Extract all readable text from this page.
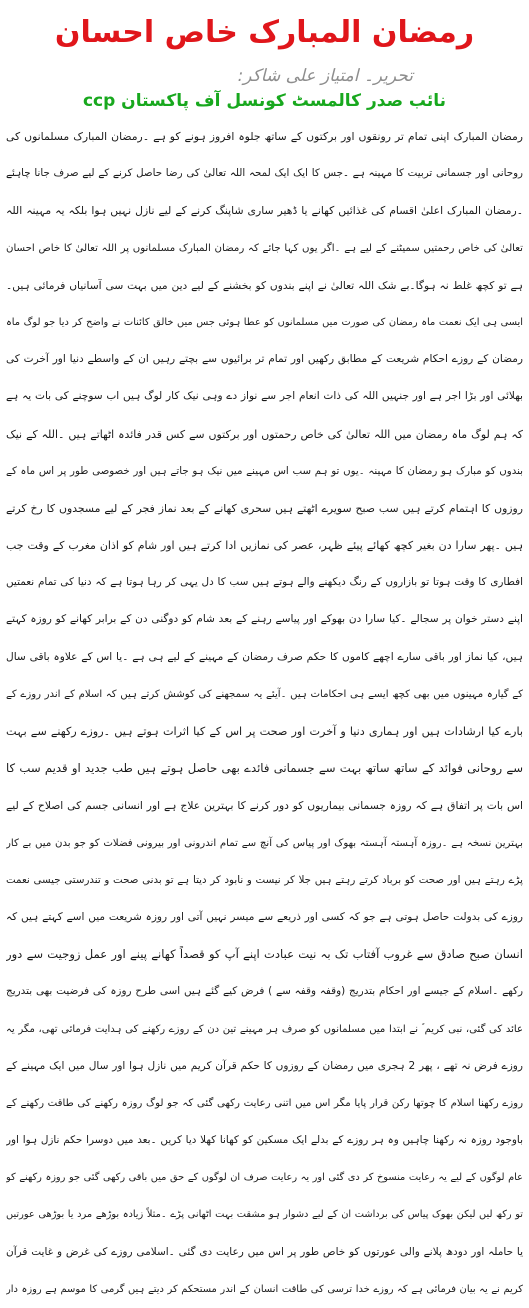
رمضان المبارک خاص احسان
تحریر۔ امتیاز علی شاکر:
نائب صدر کالمسٹ کونسل آف پاکستان ccp
رمضان المبارک اپنی تمام تر رونقوں اور برکتوں کے ساتھ جلوہ افروز ہونے کو ہے ۔رمضان المبارک مسلمانوں کی
روحانی اور جسمانی تربیت کا مہینہ ہے ۔جس کا ایک ایک لمحہ اللہ تعالیٰ کی رضا حاصل کرنے کے لیے صرف جانا چاہئے
۔رمضان المبارک اعلیٰ اقسام کی غذائیں کھانے یا ڈھیر ساری شاپنگ کرنے کے لیے نازل نہیں ہوا بلکہ یہ مہینہ اللہ
تعالیٰ کی خاص رحمتیں سمیٹنے کے لیے ہے ۔اگر یوں کہا جائے کہ رمضان المبارک مسلمانوں پر اللہ تعالیٰ کا خاص احسان
ہے تو کچھ غلط نہ ہوگا۔بے شک اللہ تعالیٰ نے اپنے بندوں کو بخشنے کے لیے دین میں بہت سی آسانیاں فرمائی ہیں۔
ایسی ہی ایک نعمت ماہ رمضان کی صورت میں مسلمانوں کو عطا ہوئی جس میں خالق کائنات نے واضح کر دیا جو لوگ ماہ
رمضان کے روزے احکام شریعت کے مطابق رکھیں اور تمام تر برائیوں سے بچتے رہیں ان کے واسطے دنیا اور آخرت کی
بھلائی اور بڑا اجر ہے اور جنہیں اللہ کی ذات انعام اجر سے نواز دے وہی نیک کار لوگ ہیں اب سوچنے کی بات یہ ہے
کہ ہم لوگ ماہ رمضان میں اللہ تعالیٰ کی خاص رحمتوں اور برکتوں سے کس قدر فائدہ اٹھاتے ہیں ۔اللہ کے نیک
بندوں کو مبارک ہو رمضان کا مہینہ ۔یوں تو ہم سب اس مہینے میں نیک ہو جاتے ہیں اور خصوصی طور پر اس ماہ کے
روزوں کا اہتمام کرتے ہیں سب صبح سویرے اٹھتے ہیں سحری کھانے کے بعد نماز فجر کے لیے مسجدوں کا رخ کرتے
ہیں ۔پھر سارا دن بغیر کچھ کھائے پیئے ظہر، عصر کی نمازیں ادا کرتے ہیں اور شام کو اذان مغرب کے وقت جب
افطاری کا وقت ہوتا تو بازاروں کے رنگ دیکھنے والے ہوتے ہیں سب کا دل یہی کر رہا ہوتا ہے کہ دنیا کی تمام نعمتیں
اپنے دستر خوان پر سجالے ۔کیا سارا دن بھوکے اور پیاسے رہنے کے بعد شام کو دوگنی دن کے برابر کھانے کو روزہ کہتے
ہیں، کیا نماز اور باقی سارے اچھے کاموں کا حکم صرف رمضان کے مہینے کے لیے ہی ہے ۔یا اس کے علاوہ باقی سال
کے گیارہ مہینوں میں بھی کچھ ایسے ہی احکامات ہیں ۔آیئے یہ سمجھنے کی کوشش کرتے ہیں کہ اسلام کے اندر روزے کے
بارے کیا ارشادات ہیں اور ہماری دنیا و آخرت اور صحت پر اس کے کیا اثرات ہوتے ہیں ۔روزے رکھنے سے بہت
سے روحانی فوائد کے ساتھ ساتھ بہت سے جسمانی فائدے بھی حاصل ہوتے ہیں طب جدید او قدیم سب کا
اس بات پر اتفاق ہے کہ روزہ جسمانی بیماریوں کو دور کرنے کا بہترین علاج ہے اور انسانی جسم کی اصلاح کے لیے
بہترین نسخہ ہے ۔روزہ آہستہ آہستہ بھوک اور پیاس کی آنچ سے تمام اندرونی اور بیرونی فضلات کو جو بدن میں بے کار
پڑے رہتے ہیں اور صحت کو برباد کرتے رہتے ہیں جلا کر نیست و نابود کر دیتا ہے تو بدنی صحت و تندرستی جیسی نعمت
روزے کی بدولت حاصل ہوتی ہے جو کہ کسی اور ذریعے سے میسر نہیں آتی اور روزہ شریعت میں اسے کہتے ہیں کہ
انسان صبح صادق سے غروب آفتاب تک بہ نیت عبادت اپنے آپ کو قصداً کھانے پینے اور عمل زوجیت سے دور
رکھے ۔اسلام کے جیسے اور احکام بتدریج (وقفہ وقفہ سے ) فرض کیے گئے ہیں اسی طرح روزہ کی فرضیت بھی بتدریج
عائد کی گئی، نبی کریم ؐ نے ابتدا میں مسلمانوں کو صرف ہر مہینے تین دن کے روزے رکھنے کی ہدایت فرمائی تھی، مگر یہ
روزے فرض نہ تھے ، پھر 2 ہجری میں رمضان کے روزوں کا حکم قرآن کریم میں نازل ہوا اور سال میں ایک مہینے کے
روزے رکھنا اسلام کا چوتھا رکن قرار پایا مگر اس میں اتنی رعایت رکھی گئی کہ جو لوگ روزہ رکھنے کی طاقت رکھنے کے
باوجود روزہ نہ رکھنا چاہیں وہ ہر روزے کے بدلے ایک مسکین کو کھانا کھلا دیا کریں ۔بعد میں دوسرا حکم نازل ہوا اور
عام لوگوں کے لیے یہ رعایت منسوخ کر دی گئی اور یہ رعایت صرف ان لوگوں کے حق میں باقی رکھی گئی جو روزہ رکھنے کو
تو رکھ لیں لیکن بھوک پیاس کی برداشت ان کے لیے دشوار ہو مشقت بہت اٹھانی پڑے ۔مثلاً زیادہ بوڑھے مرد یا بوڑھی عورتیں
یا حاملہ اور دودھ پلانے والی عورتوں کو خاص طور پر اس میں رعایت دی گئی ۔اسلامی روزے کی غرض و غایت قرآن
کریم نے یہ بیان فرمائی ہے کہ روزے خدا ترسی کی طاقت انسان کے اندر مستحکم کر دیتے ہیں گرمی کا موسم ہے روزہ دار
